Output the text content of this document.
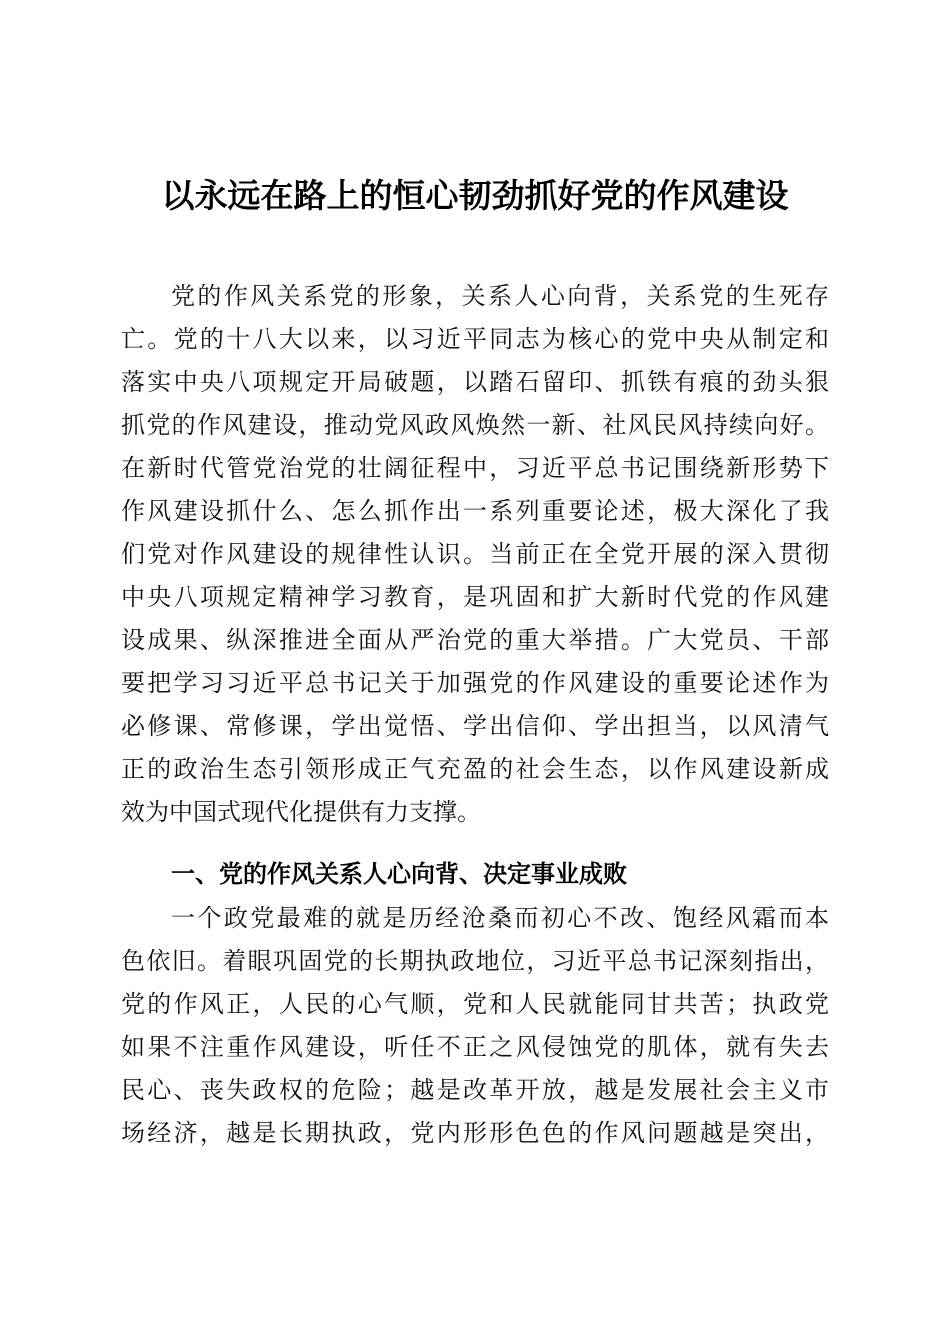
以永远在路上的恒心韧劲抓好党的作风建设
党的作风关系党的形象，关系人心向背，关系党的生死存
亡。党的十八大以来，以习近平同志为核心的党中央从制定和
落实中央八项规定开局破题，以踏石留印、抓铁有痕的劲头狠
抓党的作风建设，推动党风政风焕然一新、社风民风持续向好。
在新时代管党治党的壮阔征程中，习近平总书记围绕新形势下
作风建设抓什么、怎么抓作出一系列重要论述，极大深化了我
们党对作风建设的规律性认识。当前正在全党开展的深入贯彻
中央八项规定精神学习教育，是巩固和扩大新时代党的作风建
设成果、纵深推进全面从严治党的重大举措。广大党员、干部
要把学习习近平总书记关于加强党的作风建设的重要论述作为
必修课、常修课，学出觉悟、学出信仰、学出担当，以风清气
正的政治生态引领形成正气充盈的社会生态，以作风建设新成
效为中国式现代化提供有力支撑。
一、党的作风关系人心向背、决定事业成败
一个政党最难的就是历经沧桑而初心不改、饱经风霜而本
色依旧。着眼巩固党的长期执政地位，习近平总书记深刻指出，
党的作风正，人民的心气顺，党和人民就能同甘共苦；执政党
如果不注重作风建设，听任不正之风侵蚀党的肌体，就有失去
民心、丧失政权的危险；越是改革开放，越是发展社会主义市
场经济，越是长期执政，党内形形色色的作风问题越是突出，
